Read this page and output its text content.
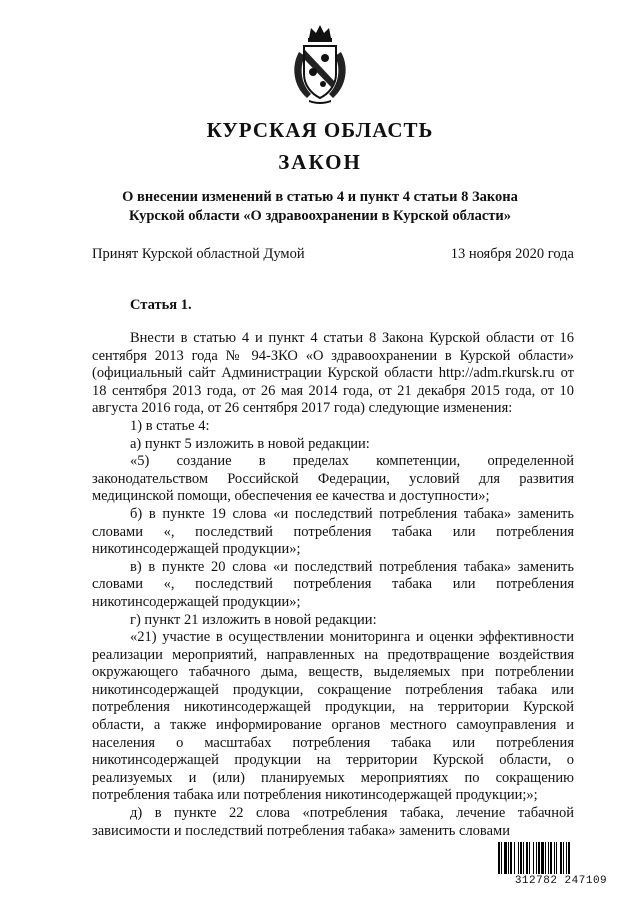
КУРСКАЯ ОБЛАСТЬ
ЗАКОН
О внесении изменений в статью 4 и пункт 4 статьи 8 Закона
Курской области «О здравоохранении в Курской области»
Принят Курской областной Думой	13 ноября 2020 года
Статья 1.

Внести в статью 4 и пункт 4 статьи 8 Закона Курской области от 16 сентября 2013 года № 94-ЗКО «О здравоохранении в Курской области» (официальный сайт Администрации Курской области http://adm.rkursk.ru от 18 сентября 2013 года, от 26 мая 2014 года, от 21 декабря 2015 года, от 10 августа 2016 года, от 26 сентября 2017 года) следующие изменения:

1) в статье 4:

а) пункт 5 изложить в новой редакции:

«5) создание в пределах компетенции, определенной законодательством Российской Федерации, условий для развития медицинской помощи, обеспечения ее качества и доступности»;

б) в пункте 19 слова «и последствий потребления табака» заменить словами «, последствий потребления табака или потребления никотинсодержащей продукции»;

в) в пункте 20 слова «и последствий потребления табака» заменить словами «, последствий потребления табака или потребления никотинсодержащей продукции»;

г) пункт 21 изложить в новой редакции:

«21) участие в осуществлении мониторинга и оценки эффективности реализации мероприятий, направленных на предотвращение воздействия окружающего табачного дыма, веществ, выделяемых при потреблении никотинсодержащей продукции, сокращение потребления табака или потребления никотинсодержащей продукции, на территории Курской области, а также информирование органов местного самоуправления и населения о масштабах потребления табака или потребления никотинсодержащей продукции на территории Курской области, о реализуемых и (или) планируемых мероприятиях по сокращению потребления табака или потребления никотинсодержащей продукции;»;

д) в пункте 22 слова «потребления табака, лечение табачной зависимости и последствий потребления табака» заменить словами

312782 247109
